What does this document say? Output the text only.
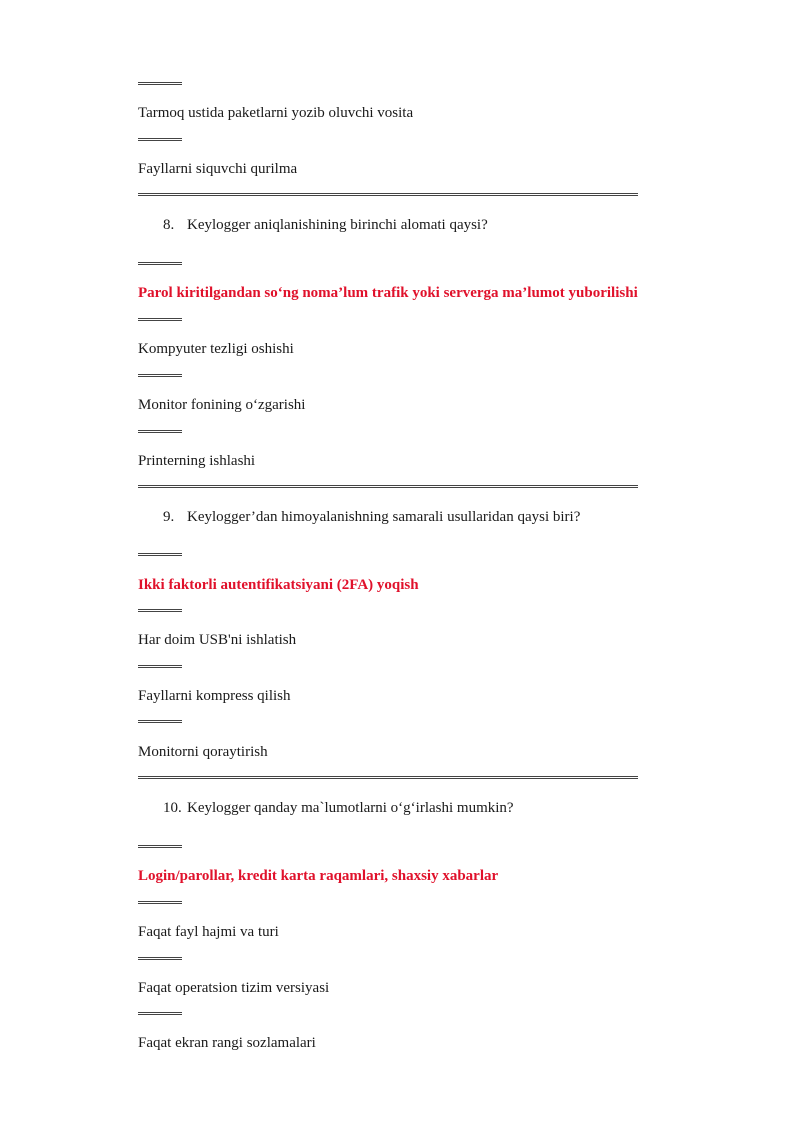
Tarmoq ustida paketlarni yozib oluvchi vosita
Fayllarni siquvchi qurilma
8. Keylogger aniqlanishining birinchi alomati qaysi?
Parol kiritilgandan so‘ng noma’lum trafik yoki serverga ma’lumot yuborilishi
Kompyuter tezligi oshishi
Monitor fonining o‘zgarishi
Printerning ishlashi
9. Keylogger’dan himoyalanishning samarali usullaridan qaysi biri?
Ikki faktorli autentifikatsiyani (2FA) yoqish
Har doim USB'ni ishlatish
Fayllarni kompress qilish
Monitorni qoraytirish
10. Keylogger qanday ma`lumotlarni o‘g‘irlashi mumkin?
Login/parollar, kredit karta raqamlari, shaxsiy xabarlar
Faqat fayl hajmi va turi
Faqat operatsion tizim versiyasi
Faqat ekran rangi sozlamalari
